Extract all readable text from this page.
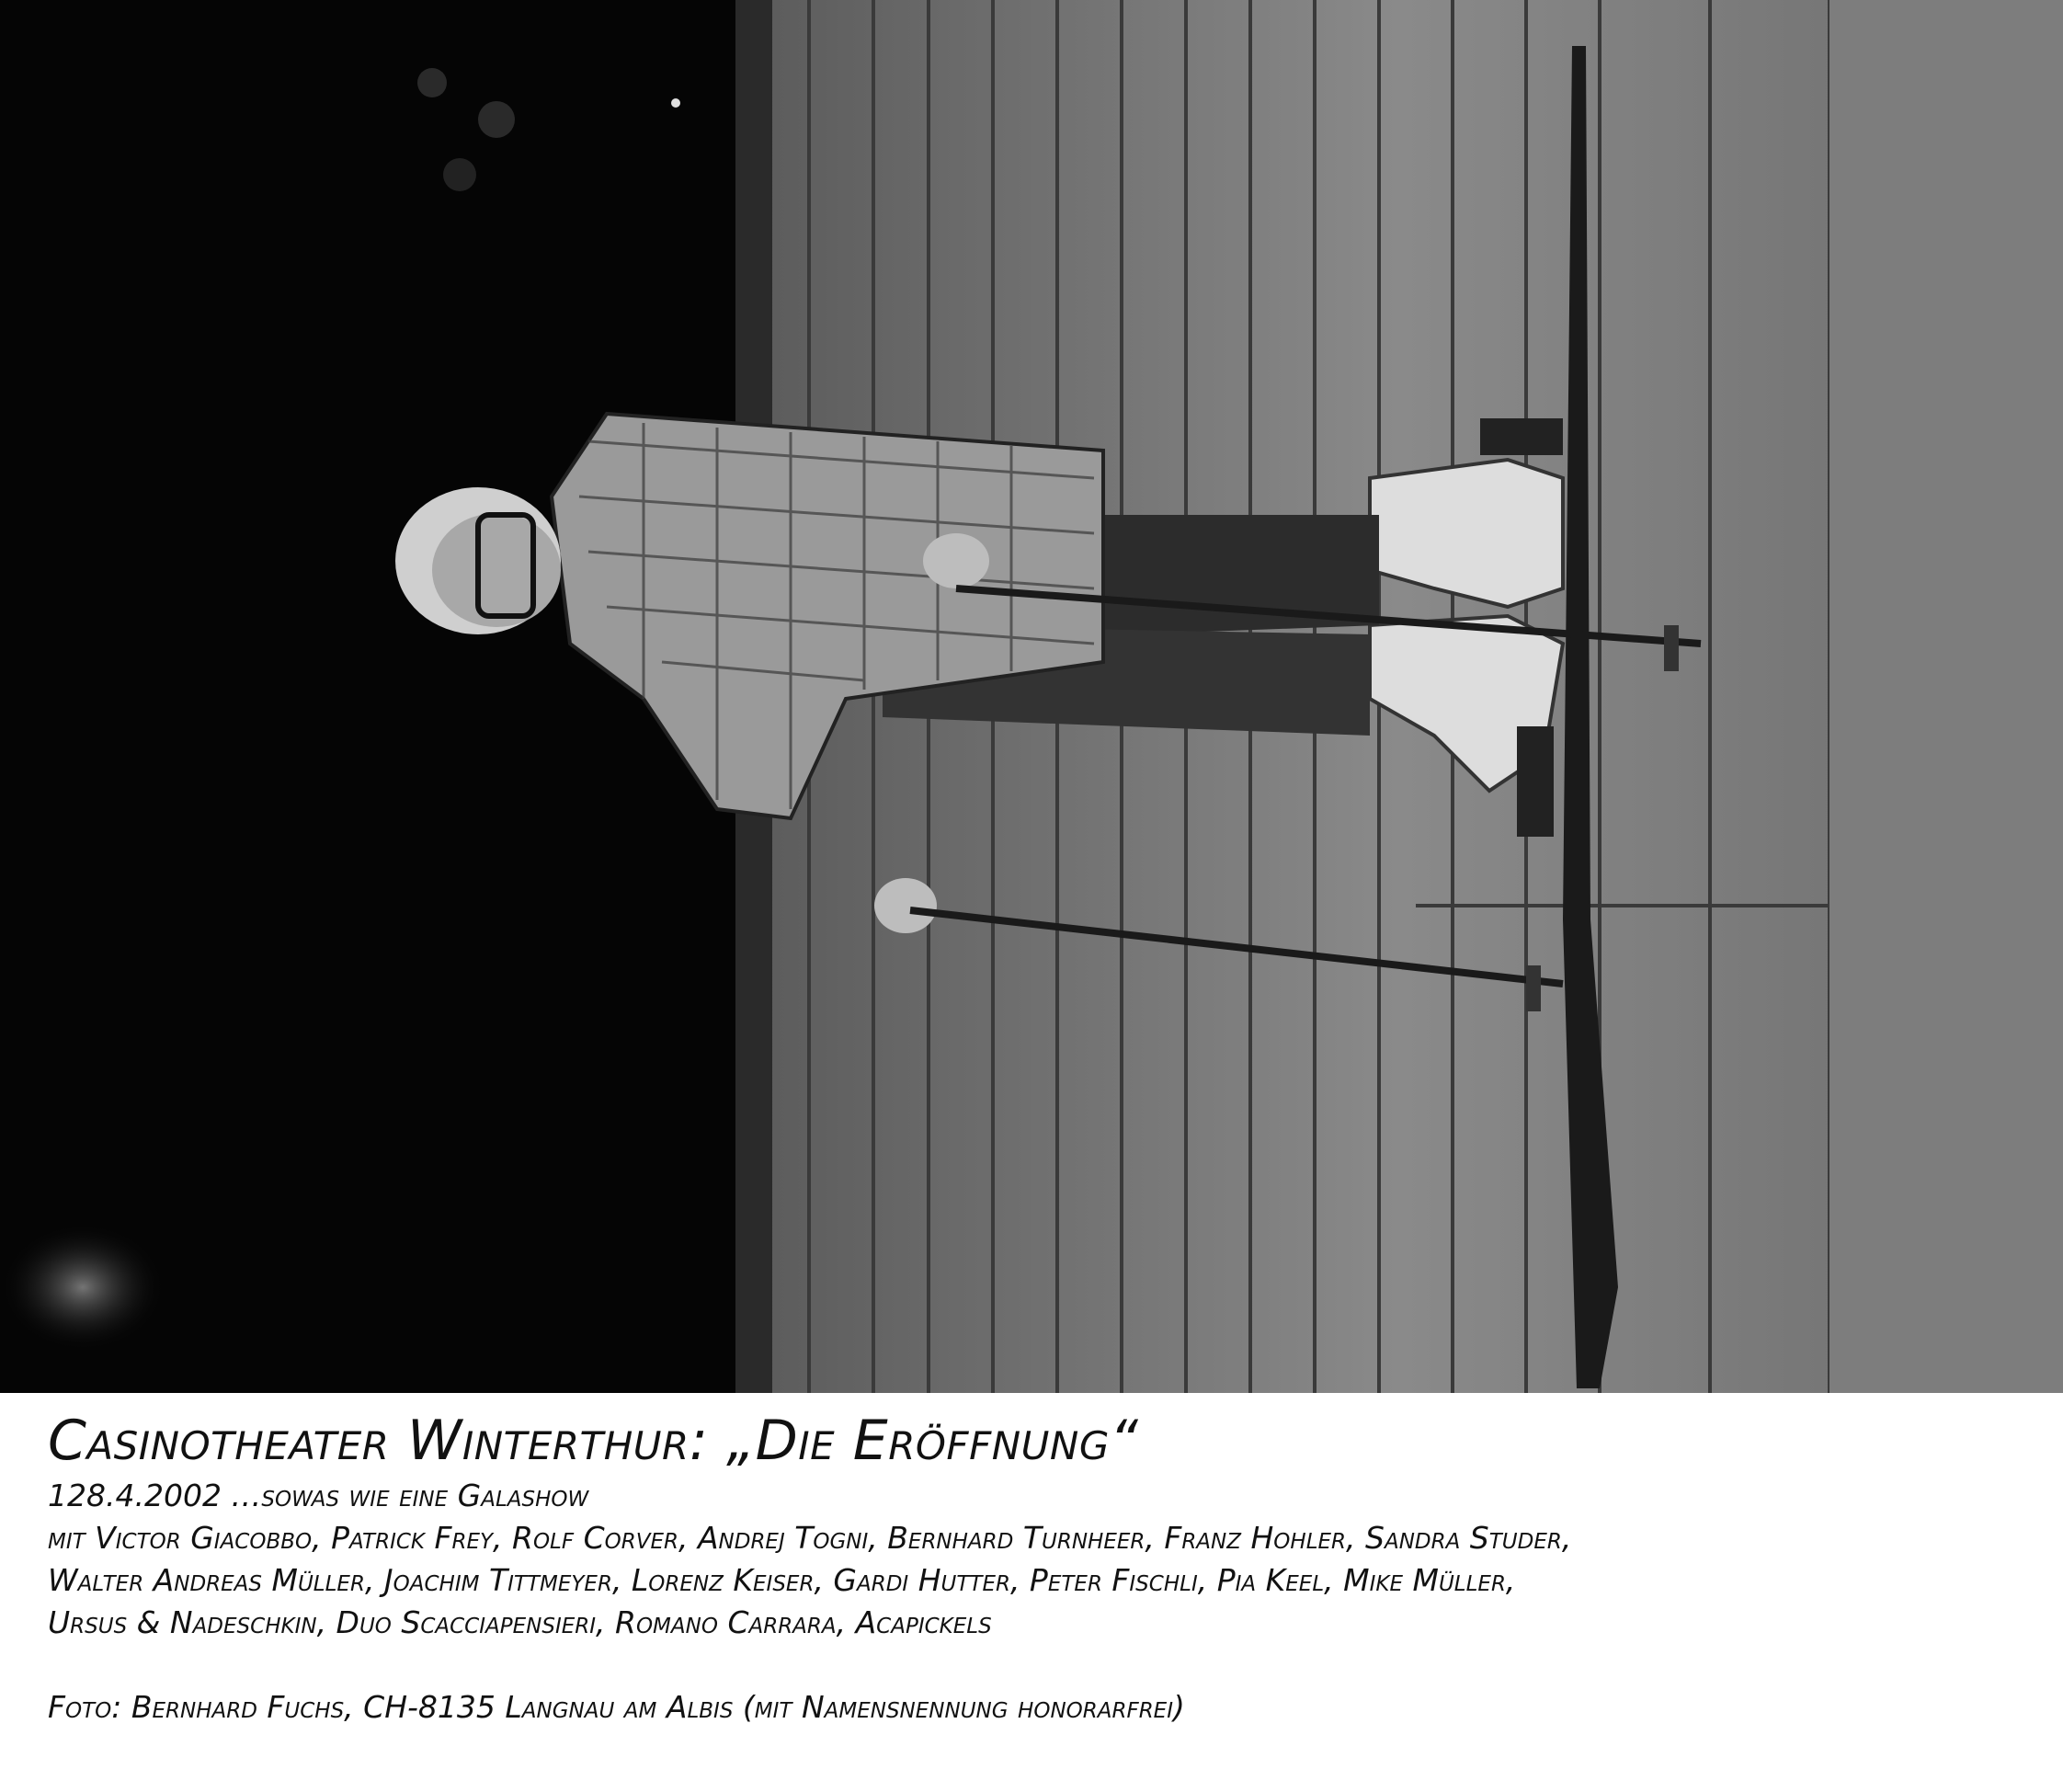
Casinotheater Winterthur: „Die Eröffnung“
128.4.2002 …sowas wie eine Galashow
mit Victor Giacobbo, Patrick Frey, Rolf Corver, Andrej Togni, Bernhard Turnheer, Franz Hohler, Sandra Studer,
Walter Andreas Müller, Joachim Tittmeyer, Lorenz Keiser, Gardi Hutter, Peter Fischli, Pia Keel, Mike Müller,
Ursus & Nadeschkin, Duo Scacciapensieri, Romano Carrara, Acapickels
Foto: Bernhard Fuchs, CH-8135 Langnau am Albis (mit Namensnennung honorarfrei)
